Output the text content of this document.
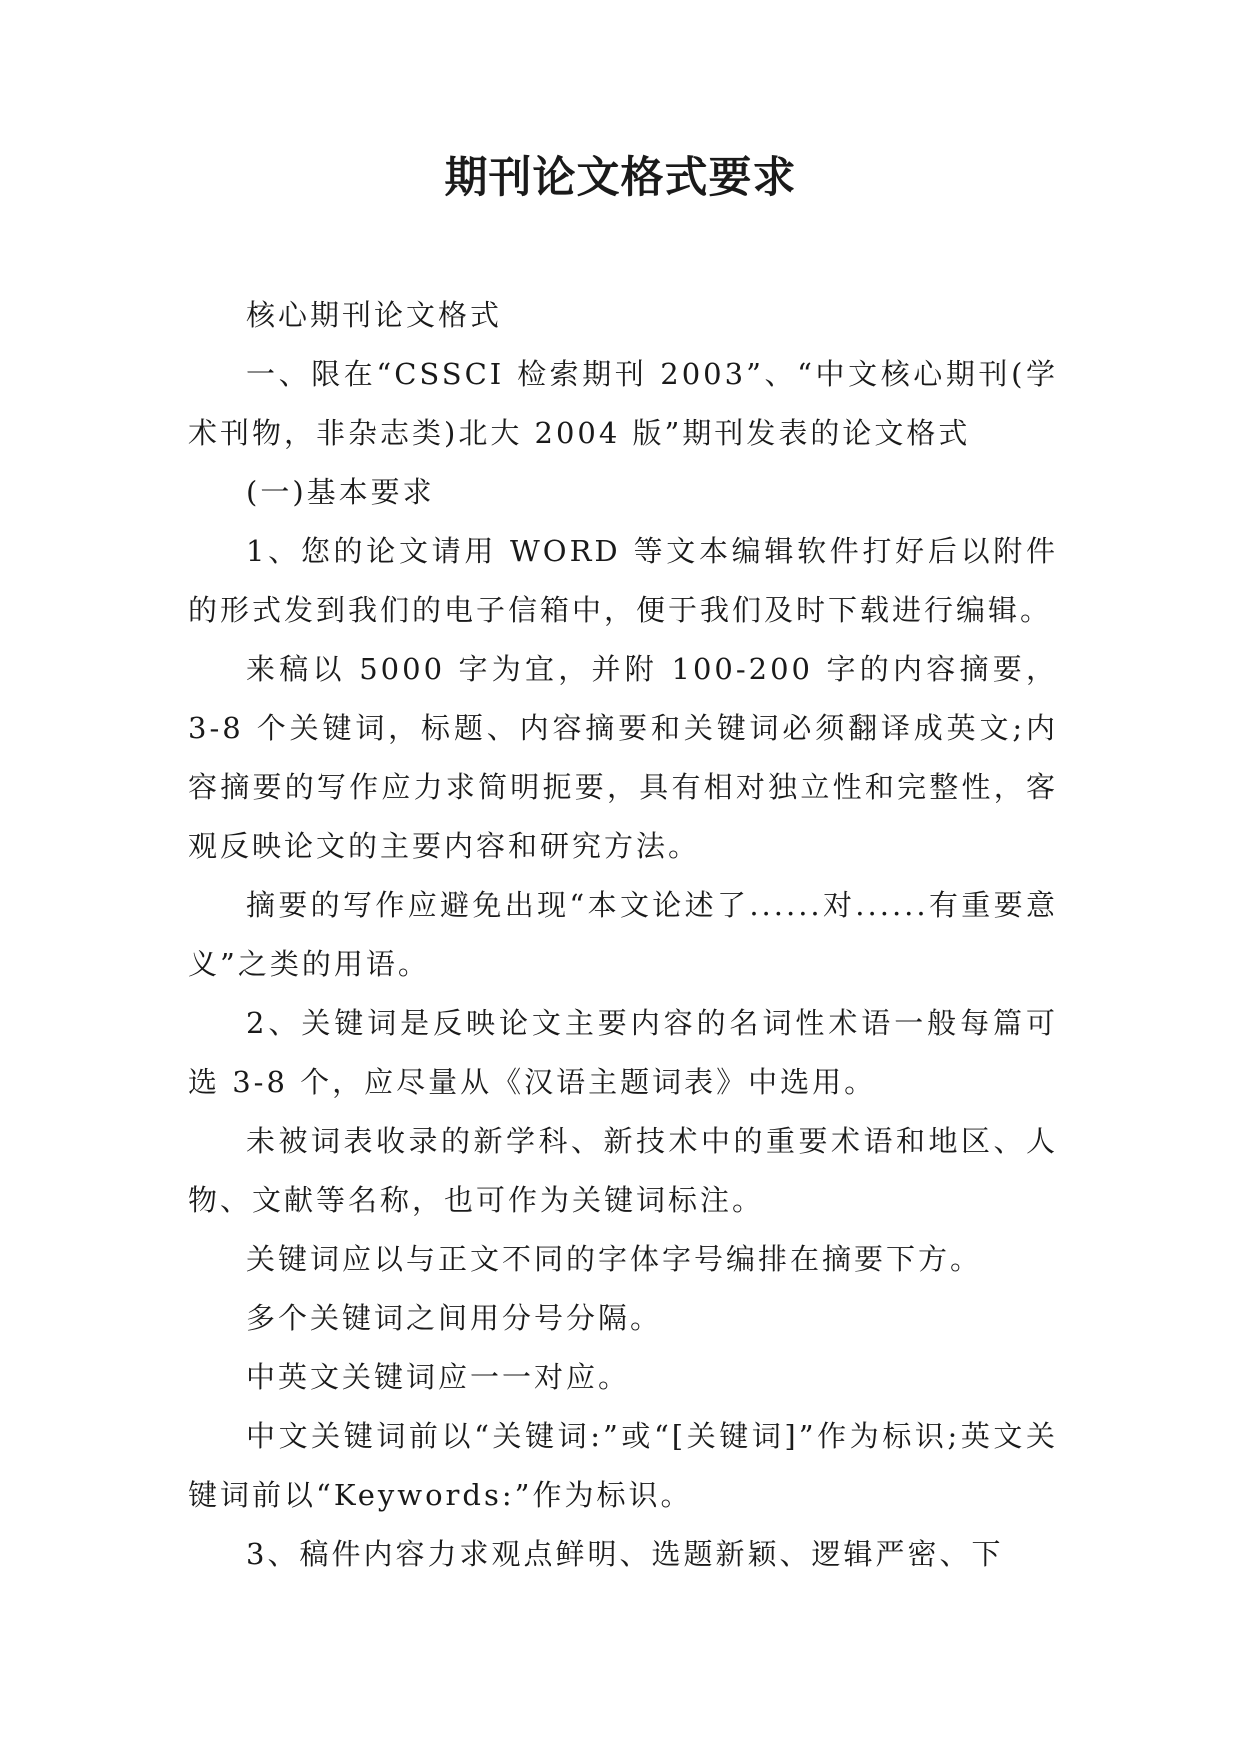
期刊论文格式要求

核心期刊论文格式

一、限在“CSSCI 检索期刊 2003”、“中文核心期刊(学术刊物，非杂志类)北大 2004 版”期刊发表的论文格式

(一)基本要求

1、您的论文请用 WORD 等文本编辑软件打好后以附件的形式发到我们的电子信箱中，便于我们及时下载进行编辑。

来稿以 5000 字为宜，并附 100-200 字的内容摘要，3-8 个关键词，标题、内容摘要和关键词必须翻译成英文;内容摘要的写作应力求简明扼要，具有相对独立性和完整性，客观反映论文的主要内容和研究方法。

摘要的写作应避免出现“本文论述了......对......有重要意义”之类的用语。

2、关键词是反映论文主要内容的名词性术语一般每篇可选 3-8 个，应尽量从《汉语主题词表》中选用。

未被词表收录的新学科、新技术中的重要术语和地区、人物、文献等名称，也可作为关键词标注。

关键词应以与正文不同的字体字号编排在摘要下方。

多个关键词之间用分号分隔。

中英文关键词应一一对应。

中文关键词前以“关键词:”或“[关键词]”作为标识;英文关键词前以“Keywords:”作为标识。

3、稿件内容力求观点鲜明、选题新颖、逻辑严密、下
